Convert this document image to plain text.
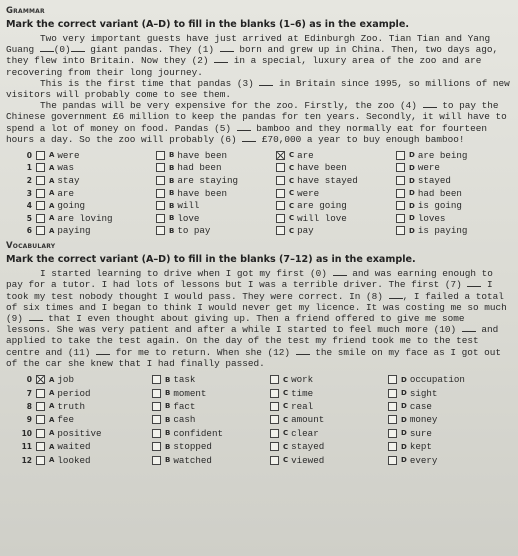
Grammar
Mark the correct variant (A–D) to fill in the blanks (1–6) as in the example.

Two very important guests have just arrived at Edinburgh Zoo. Tian Tian and Yang Guang (0) giant pandas. They (1)  born and grew up in China. Then, two days ago, they flew into Britain. Now they (2)  in a special, luxury area of the zoo and are recovering from their long journey.

This is the first time that pandas (3)  in Britain since 1995, so millions of new visitors will probably come to see them.

The pandas will be very expensive for the zoo. Firstly, the zoo (4)  to pay the Chinese government £6 million to keep the pandas for ten years. Secondly, it will have to spend a lot of money on food. Pandas (5)  bamboo and they normally eat for fourteen hours a day. So the zoo will probably (6)  £70,000 a year to buy enough bamboo!

0	A were	B have been	C are	D are being
1	A was	B had been	C have been	D were
2	A stay	B are staying	C have stayed	D stayed
3	A are	B have been	C were	D had been
4	A going	B will	C are going	D is going
5	A are loving	B love	C will love	D loves
6	A paying	B to pay	C pay	D is paying
Vocabulary
Mark the correct variant (A–D) to fill in the blanks (7–12) as in the example.

I started learning to drive when I got my first (0)  and was earning enough to pay for a tutor. I had lots of lessons but I was a terrible driver. The first (7)  I took my test nobody thought I would pass. They were correct. In (8) , I failed a total of six times and I began to think I would never get my licence. It was costing me so much (9)  that I even thought about giving up. Then a friend offered to give me some lessons. She was very patient and after a while I started to feel much more (10)  and applied to take the test again. On the day of the test my friend took me to the test centre and (11)  for me to return. When she (12)  the smile on my face as I got out of the car she knew that I had finally passed.

0	A job	B task	C work	D occupation
7	A period	B moment	C time	D sight
8	A truth	B fact	C real	D case
9	A fee	B cash	C amount	D money
10	A positive	B confident	C clear	D sure
11	A waited	B stopped	C stayed	D kept
12	A looked	B watched	C viewed	D every
